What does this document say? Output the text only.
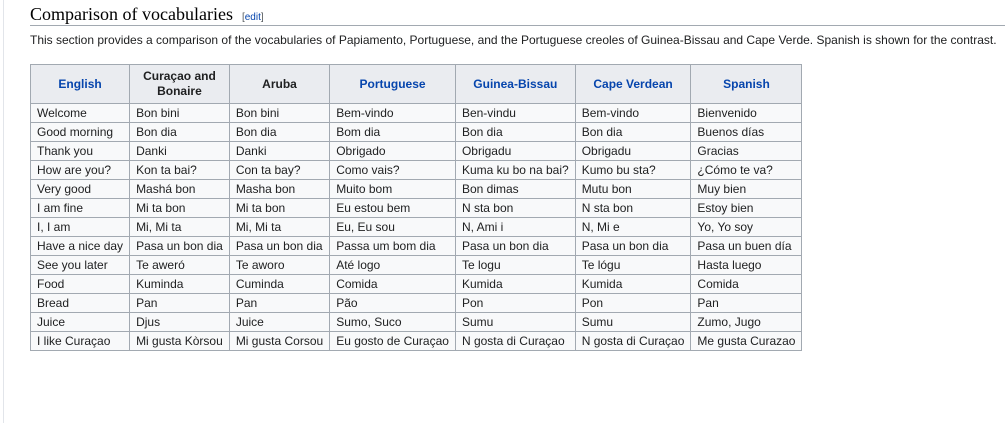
Comparison of vocabularies [edit]
This section provides a comparison of the vocabularies of Papiamento, Portuguese, and the Portuguese creoles of Guinea-Bissau and Cape Verde. Spanish is shown for the contrast.
English	Curaçao and Bonaire	Aruba	Portuguese	Guinea-Bissau	Cape Verdean	Spanish
Welcome	Bon bini	Bon bini	Bem-vindo	Ben-vindu	Bem-vindo	Bienvenido
Good morning	Bon dia	Bon dia	Bom dia	Bon dia	Bon dia	Buenos días
Thank you	Danki	Danki	Obrigado	Obrigadu	Obrigadu	Gracias
How are you?	Kon ta bai?	Con ta bay?	Como vais?	Kuma ku bo na bai?	Kumo bu sta?	¿Cómo te va?
Very good	Mashá bon	Masha bon	Muito bom	Bon dimas	Mutu bon	Muy bien
I am fine	Mi ta bon	Mi ta bon	Eu estou bem	N sta bon	N sta bon	Estoy bien
I, I am	Mi, Mi ta	Mi, Mi ta	Eu, Eu sou	N, Ami i	N, Mi e	Yo, Yo soy
Have a nice day	Pasa un bon dia	Pasa un bon dia	Passa um bom dia	Pasa un bon dia	Pasa un bon dia	Pasa un buen día
See you later	Te aweró	Te aworo	Até logo	Te logu	Te lógu	Hasta luego
Food	Kuminda	Cuminda	Comida	Kumida	Kumida	Comida
Bread	Pan	Pan	Pão	Pon	Pon	Pan
Juice	Djus	Juice	Sumo, Suco	Sumu	Sumu	Zumo, Jugo
I like Curaçao	Mi gusta Kòrsou	Mi gusta Corsou	Eu gosto de Curaçao	N gosta di Curaçao	N gosta di Curaçao	Me gusta Curazao
